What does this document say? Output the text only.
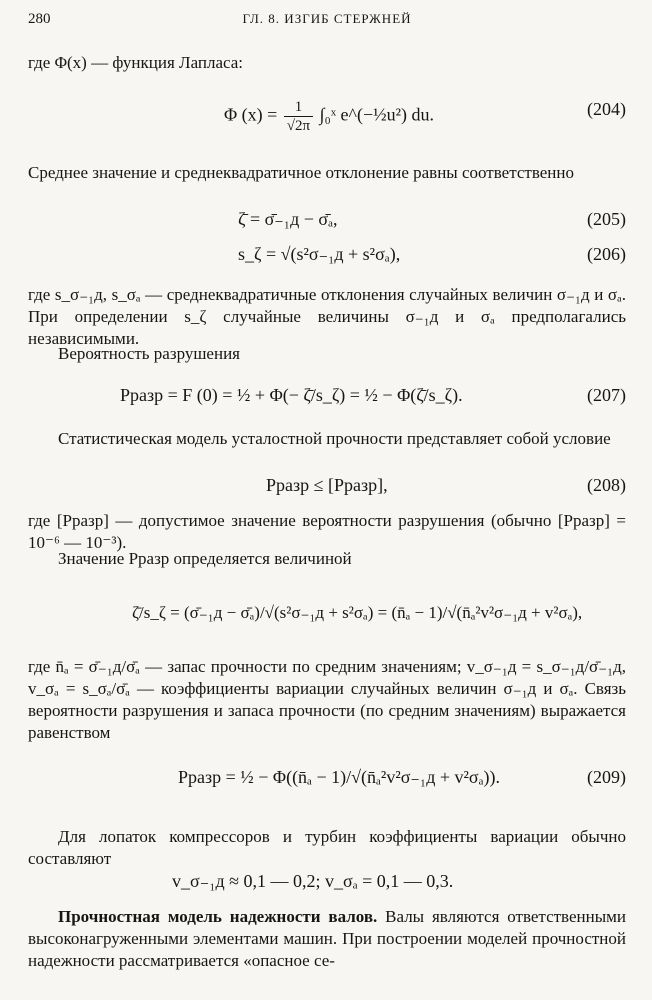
280	ГЛ. 8. ИЗГИБ СТЕРЖНЕЙ
где Φ(x) — функция Лапласа:
Φ $(x) = \frac{1}{√2\pi}$ ∫₀ˣ e^(−½u²) du.	(204)
Среднее значение и среднеквадратичное отклонение равны соответственно
ζ̄ = σ̄₋₁д − σ̄ₐ,	(205)
s_ζ = √(s²σ₋₁д + s²σₐ),	(206)
где s_σ₋₁д, s_σₐ — среднеквадратичные отклонения случайных величин σ₋₁д и σₐ. При определении s_ζ случайные величины σ₋₁д и σₐ предполагались независимыми.
Вероятность разрушения
Pразр = F (0) = ½ + Φ(− ζ̄/s_ζ) = ½ − Φ(ζ̄/s_ζ).	(207)
Статистическая модель усталостной прочности представляет собой условие
Pразр ≤ [Pразр],	(208)
где [Pразр] — допустимое значение вероятности разрушения (обычно [Pразр] = 10⁻⁶ — 10⁻³).
Значение Pразр определяется величиной
ζ̄/s_ζ = (σ̄₋₁д − σ̄ₐ)/√(s²σ₋₁д + s²σₐ) = (n̄ₐ − 1)/√(n̄ₐ²v²σ₋₁д + v²σₐ),
где n̄ₐ = σ̄₋₁д/σ̄ₐ — запас прочности по средним значениям; v_σ₋₁д = s_σ₋₁д/σ̄₋₁д, v_σₐ = s_σₐ/σ̄ₐ — коэффициенты вариации случайных величин σ₋₁д и σₐ. Связь вероятности разрушения и запаса прочности (по средним значениям) выражается равенством
Pразр = ½ − Φ((n̄ₐ − 1)/√(n̄ₐ²v²σ₋₁д + v²σₐ)).	(209)
Для лопаток компрессоров и турбин коэффициенты вариации обычно составляют
v_σ₋₁д ≈ 0,1 — 0,2; v_σₐ = 0,1 — 0,3.
Прочностная модель надежности валов. Валы являются ответственными высоконагруженными элементами машин. При построении моделей прочностной надежности рассматривается «опасное се-
